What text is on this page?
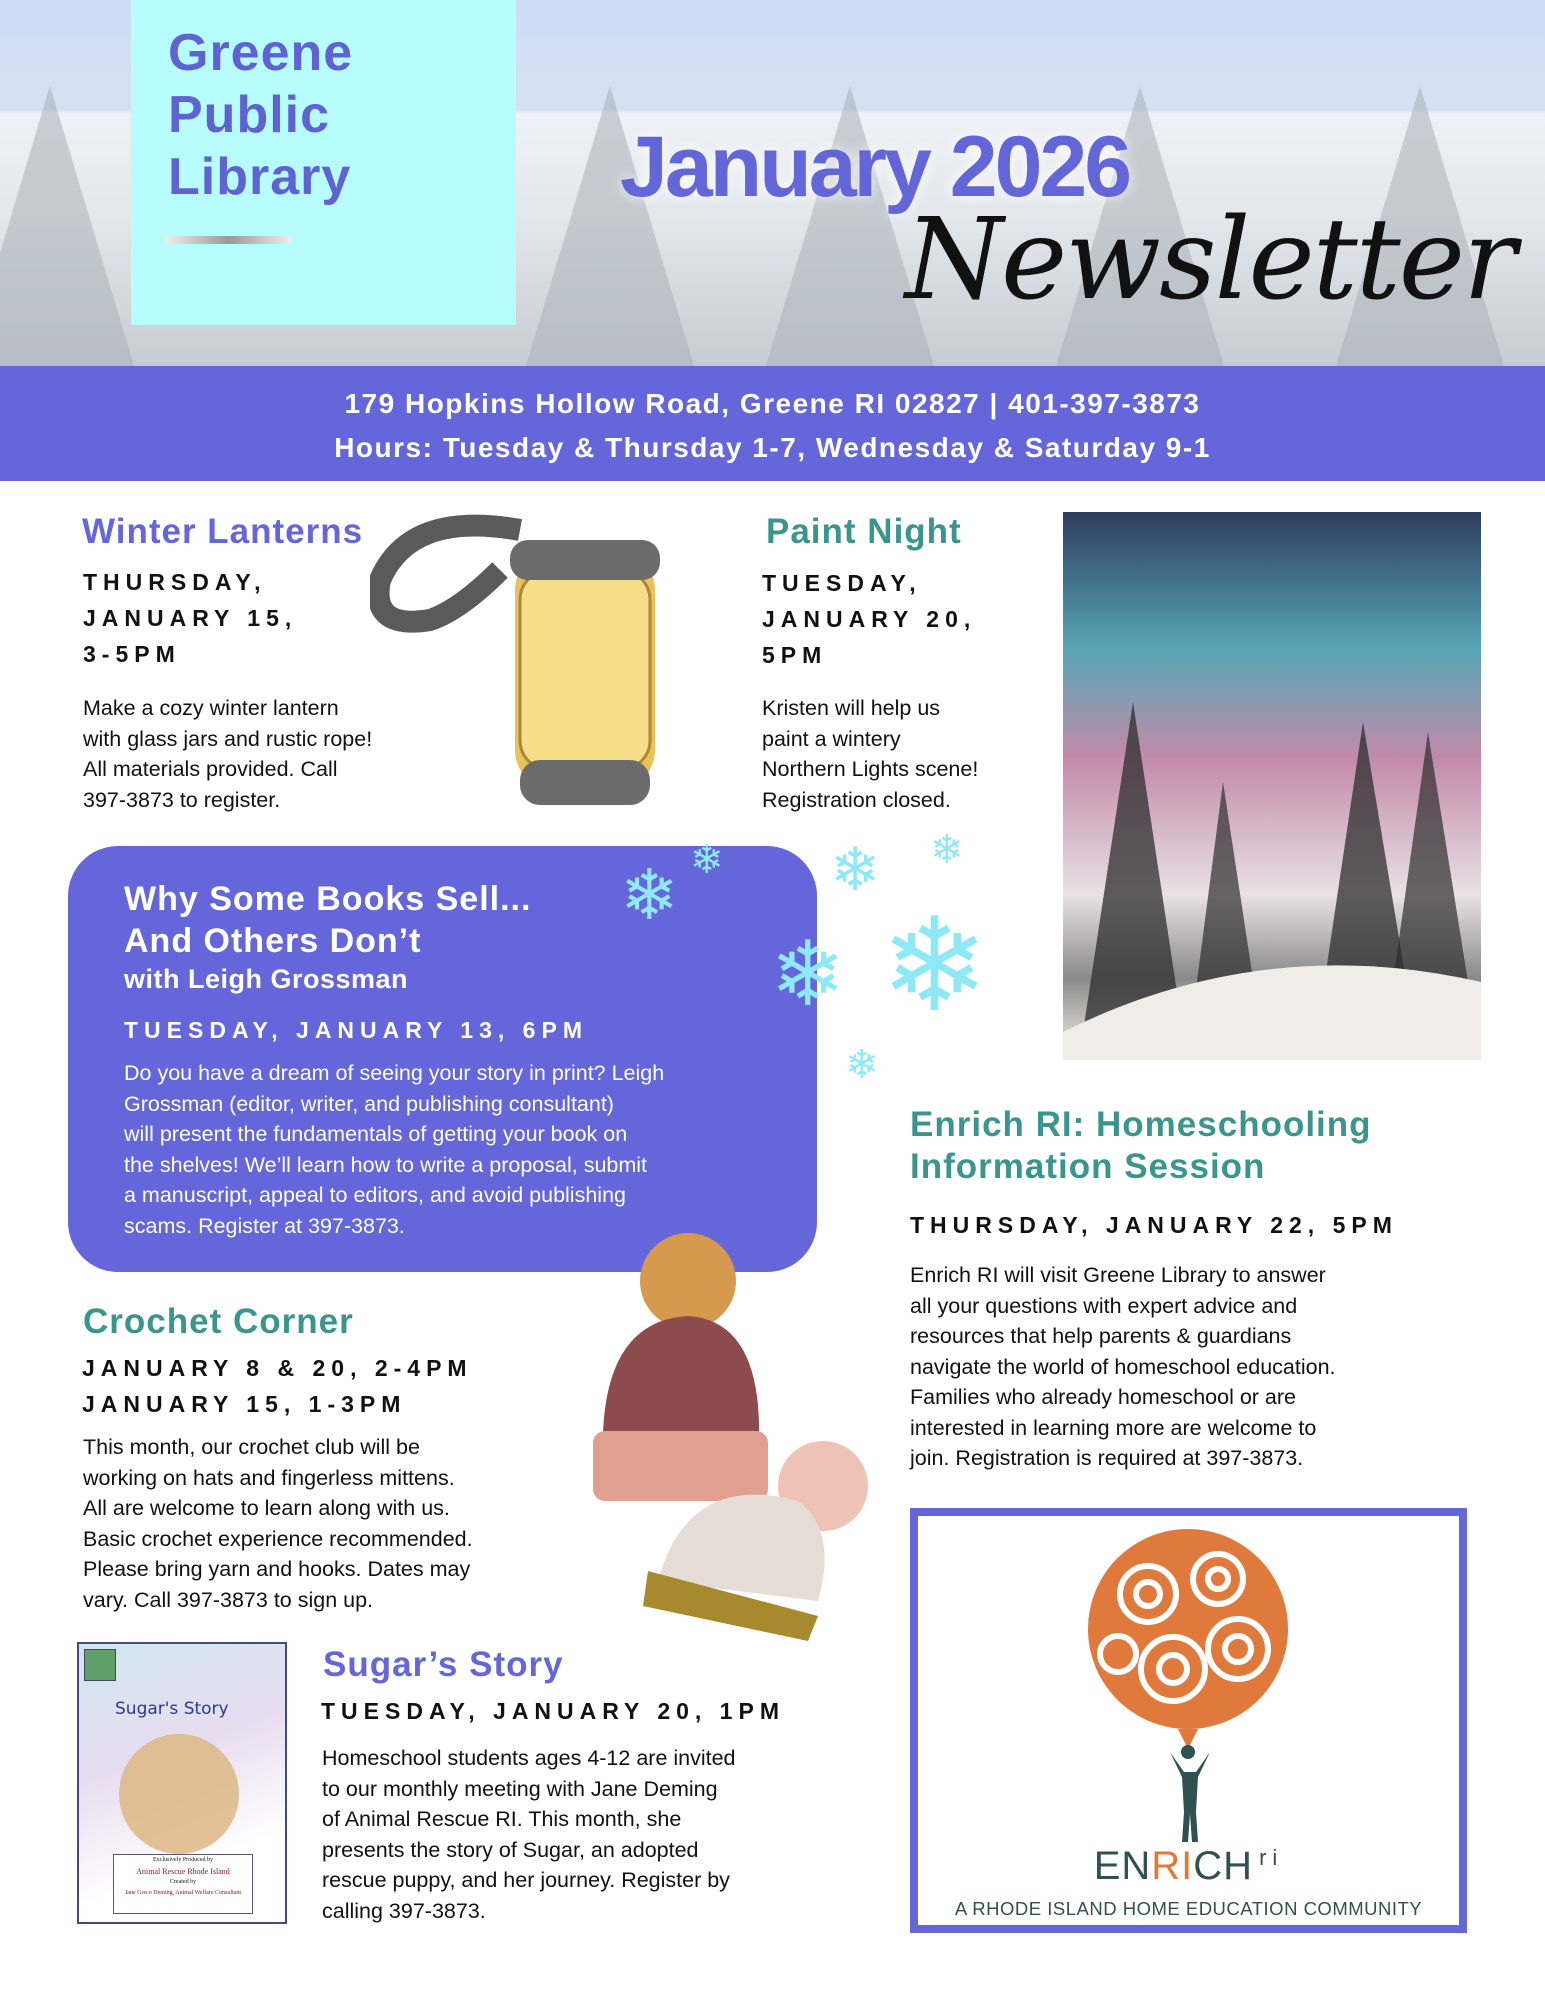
Greene
Public
Library	January 2026
Newsletter
179 Hopkins Hollow Road, Greene RI 02827 | 401-397-3873
Hours: Tuesday & Thursday 1-7, Wednesday & Saturday 9-1
Winter Lanterns
THURSDAY,
JANUARY 15,
3-5PM
Make a cozy winter lantern
with glass jars and rustic rope!
All materials provided. Call
397-3873 to register.
Paint Night
TUESDAY,
JANUARY 20,
5PM
Kristen will help us
paint a wintery
Northern Lights scene!
Registration closed.
Why Some Books Sell...
And Others Don’t
with Leigh Grossman
TUESDAY, JANUARY 13, 6PM
Do you have a dream of seeing your story in print? Leigh
Grossman (editor, writer, and publishing consultant)
will present the fundamentals of getting your book on
the shelves! We’ll learn how to write a proposal, submit
a manuscript, appeal to editors, and avoid publishing
scams. Register at 397-3873.
❄	❄
❄
❄
❄	❄
❄
Crochet Corner
JANUARY 8 & 20, 2-4PM
JANUARY 15, 1-3PM
This month, our crochet club will be
working on hats and fingerless mittens.
All are welcome to learn along with us.
Basic crochet experience recommended.
Please bring yarn and hooks. Dates may
vary. Call 397-3873 to sign up.
Sugar's Story
Exclusively Produced by
Animal Rescue Rhode Island
Created by
Jane Greco Deming, Animal Welfare Consultant
Sugar’s Story
TUESDAY, JANUARY 20, 1PM
Homeschool students ages 4-12 are invited
to our monthly meeting with Jane Deming
of Animal Rescue RI. This month, she
presents the story of Sugar, an adopted
rescue puppy, and her journey. Register by
calling 397-3873.
Enrich RI: Homeschooling
Information Session
THURSDAY, JANUARY 22, 5PM
Enrich RI will visit Greene Library to answer
all your questions with expert advice and
resources that help parents & guardians
navigate the world of homeschool education.
Families who already homeschool or are
interested in learning more are welcome to
join. Registration is required at 397-3873.
ENRICH $^{ri}$
A RHODE ISLAND HOME EDUCATION COMMUNITY
